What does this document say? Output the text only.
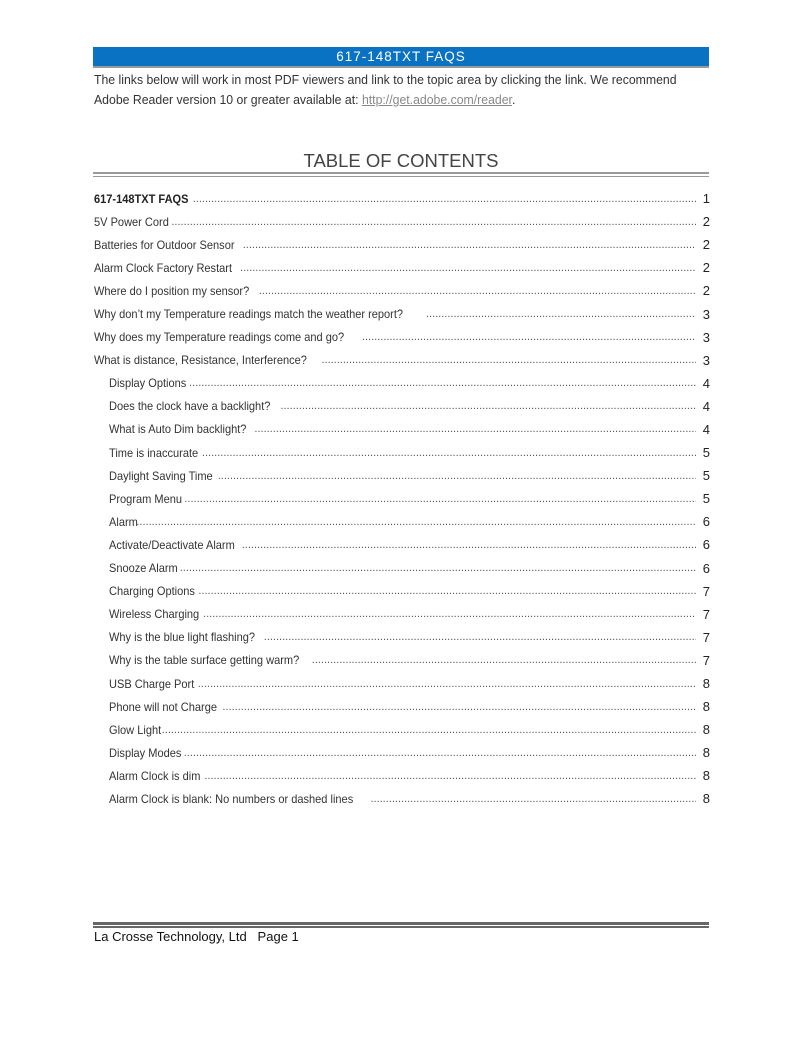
617-148TXT FAQS
The links below will work in most PDF viewers and link to the topic area by clicking the link. We recommend
Adobe Reader version 10 or greater available at: http://get.adobe.com/reader.
TABLE OF CONTENTS
617-148TXT FAQS .....	1
5V Power Cord .....	2
Batteries for Outdoor Sensor .....	2
Alarm Clock Factory Restart .....	2
Where do I position my sensor? .....	2
Why don’t my Temperature readings match the weather report? .....	3
Why does my Temperature readings come and go? .....	3
What is distance, Resistance, Interference? .....	3
Display Options .....	4
Does the clock have a backlight? .....	4
What is Auto Dim backlight? .....	4
Time is inaccurate .....	5
Daylight Saving Time .....	5
Program Menu .....	5
Alarm .....	6
Activate/Deactivate Alarm .....	6
Snooze Alarm .....	6
Charging Options .....	7
Wireless Charging .....	7
Why is the blue light flashing? .....	7
Why is the table surface getting warm? .....	7
USB Charge Port .....	8
Phone will not Charge .....	8
Glow Light .....	8
Display Modes .....	8
Alarm Clock is dim .....	8
Alarm Clock is blank: No numbers or dashed lines .....	8
La Crosse Technology, Ltd   Page 1
